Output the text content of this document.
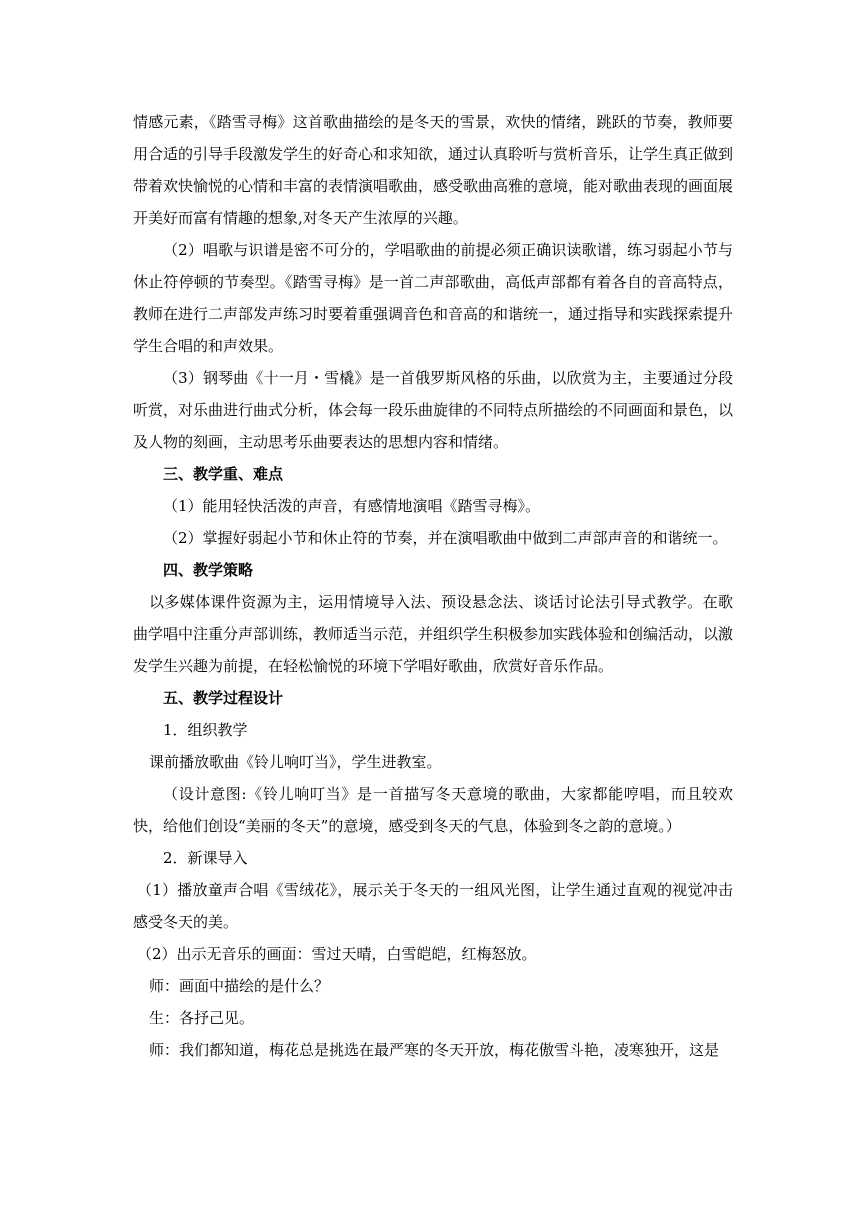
情感元素，《踏雪寻梅》这首歌曲描绘的是冬天的雪景，欢快的情绪，跳跃的节奏，教师要用合适的引导手段激发学生的好奇心和求知欲，通过认真聆听与赏析音乐，让学生真正做到带着欢快愉悦的心情和丰富的表情演唱歌曲，感受歌曲高雅的意境，能对歌曲表现的画面展开美好而富有情趣的想象,对冬天产生浓厚的兴趣。

（2）唱歌与识谱是密不可分的，学唱歌曲的前提必须正确识读歌谱，练习弱起小节与休止符停顿的节奏型。《踏雪寻梅》是一首二声部歌曲，高低声部都有着各自的音高特点，教师在进行二声部发声练习时要着重强调音色和音高的和谐统一，通过指导和实践探索提升学生合唱的和声效果。

（3）钢琴曲《十一月・雪橇》是一首俄罗斯风格的乐曲，以欣赏为主，主要通过分段听赏，对乐曲进行曲式分析，体会每一段乐曲旋律的不同特点所描绘的不同画面和景色，以及人物的刻画，主动思考乐曲要表达的思想内容和情绪。

三、教学重、难点

（1）能用轻快活泼的声音，有感情地演唱《踏雪寻梅》。

（2）掌握好弱起小节和休止符的节奏，并在演唱歌曲中做到二声部声音的和谐统一。

四、教学策略

以多媒体课件资源为主，运用情境导入法、预设悬念法、谈话讨论法引导式教学。在歌曲学唱中注重分声部训练，教师适当示范，并组织学生积极参加实践体验和创编活动，以激发学生兴趣为前提，在轻松愉悦的环境下学唱好歌曲，欣赏好音乐作品。

五、教学过程设计

1．组织教学

课前播放歌曲《铃儿响叮当》，学生进教室。

（设计意图:《铃儿响叮当》是一首描写冬天意境的歌曲，大家都能哼唱，而且较欢快，给他们创设“美丽的冬天”的意境，感受到冬天的气息，体验到冬之韵的意境。）

2．新课导入

（1）播放童声合唱《雪绒花》，展示关于冬天的一组风光图，让学生通过直观的视觉冲击感受冬天的美。

（2）出示无音乐的画面：雪过天晴，白雪皑皑，红梅怒放。

师：画面中描绘的是什么？

生：各抒己见。

师：我们都知道，梅花总是挑选在最严寒的冬天开放，梅花傲雪斗艳，凌寒独开，这是
